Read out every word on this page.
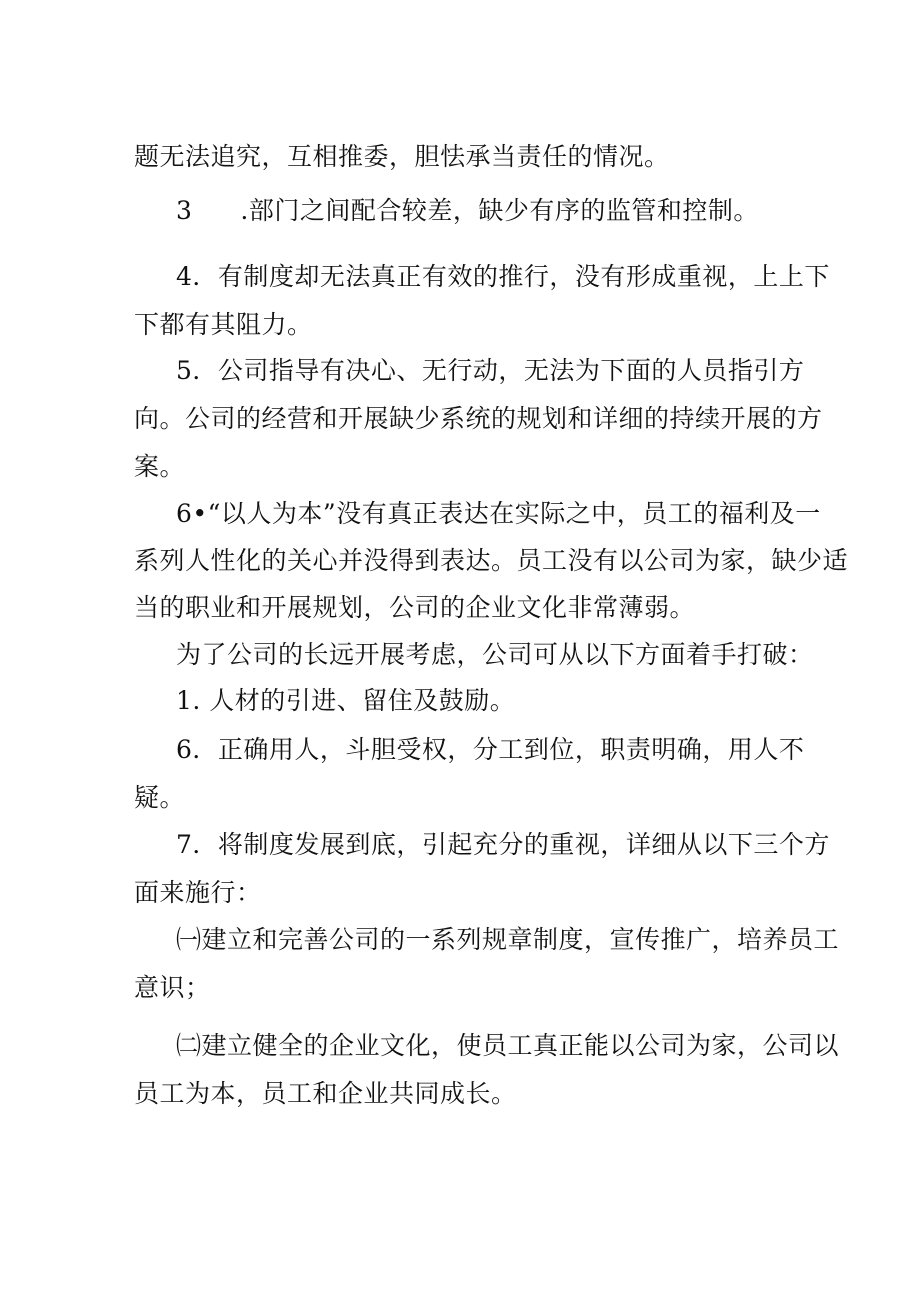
题无法追究，互相推委，胆怯承当责任的情况。
3 .部门之间配合较差，缺少有序的监管和控制。
4．有制度却无法真正有效的推行，没有形成重视，上上下
下都有其阻力。
5．公司指导有决心、无行动，无法为下面的人员指引方
向。公司的经营和开展缺少系统的规划和详细的持续开展的方
案。
6•“以人为本”没有真正表达在实际之中，员工的福利及一
系列人性化的关心并没得到表达。员工没有以公司为家，缺少适
当的职业和开展规划，公司的企业文化非常薄弱。
为了公司的长远开展考虑，公司可从以下方面着手打破：
1. 人材的引进、留住及鼓励。
6．正确用人，斗胆受权，分工到位，职责明确，用人不
疑。
7．将制度发展到底，引起充分的重视，详细从以下三个方
面来施行：
㈠建立和完善公司的一系列规章制度，宣传推广，培养员工
意识；
㈡建立健全的企业文化，使员工真正能以公司为家，公司以
员工为本，员工和企业共同成长。
